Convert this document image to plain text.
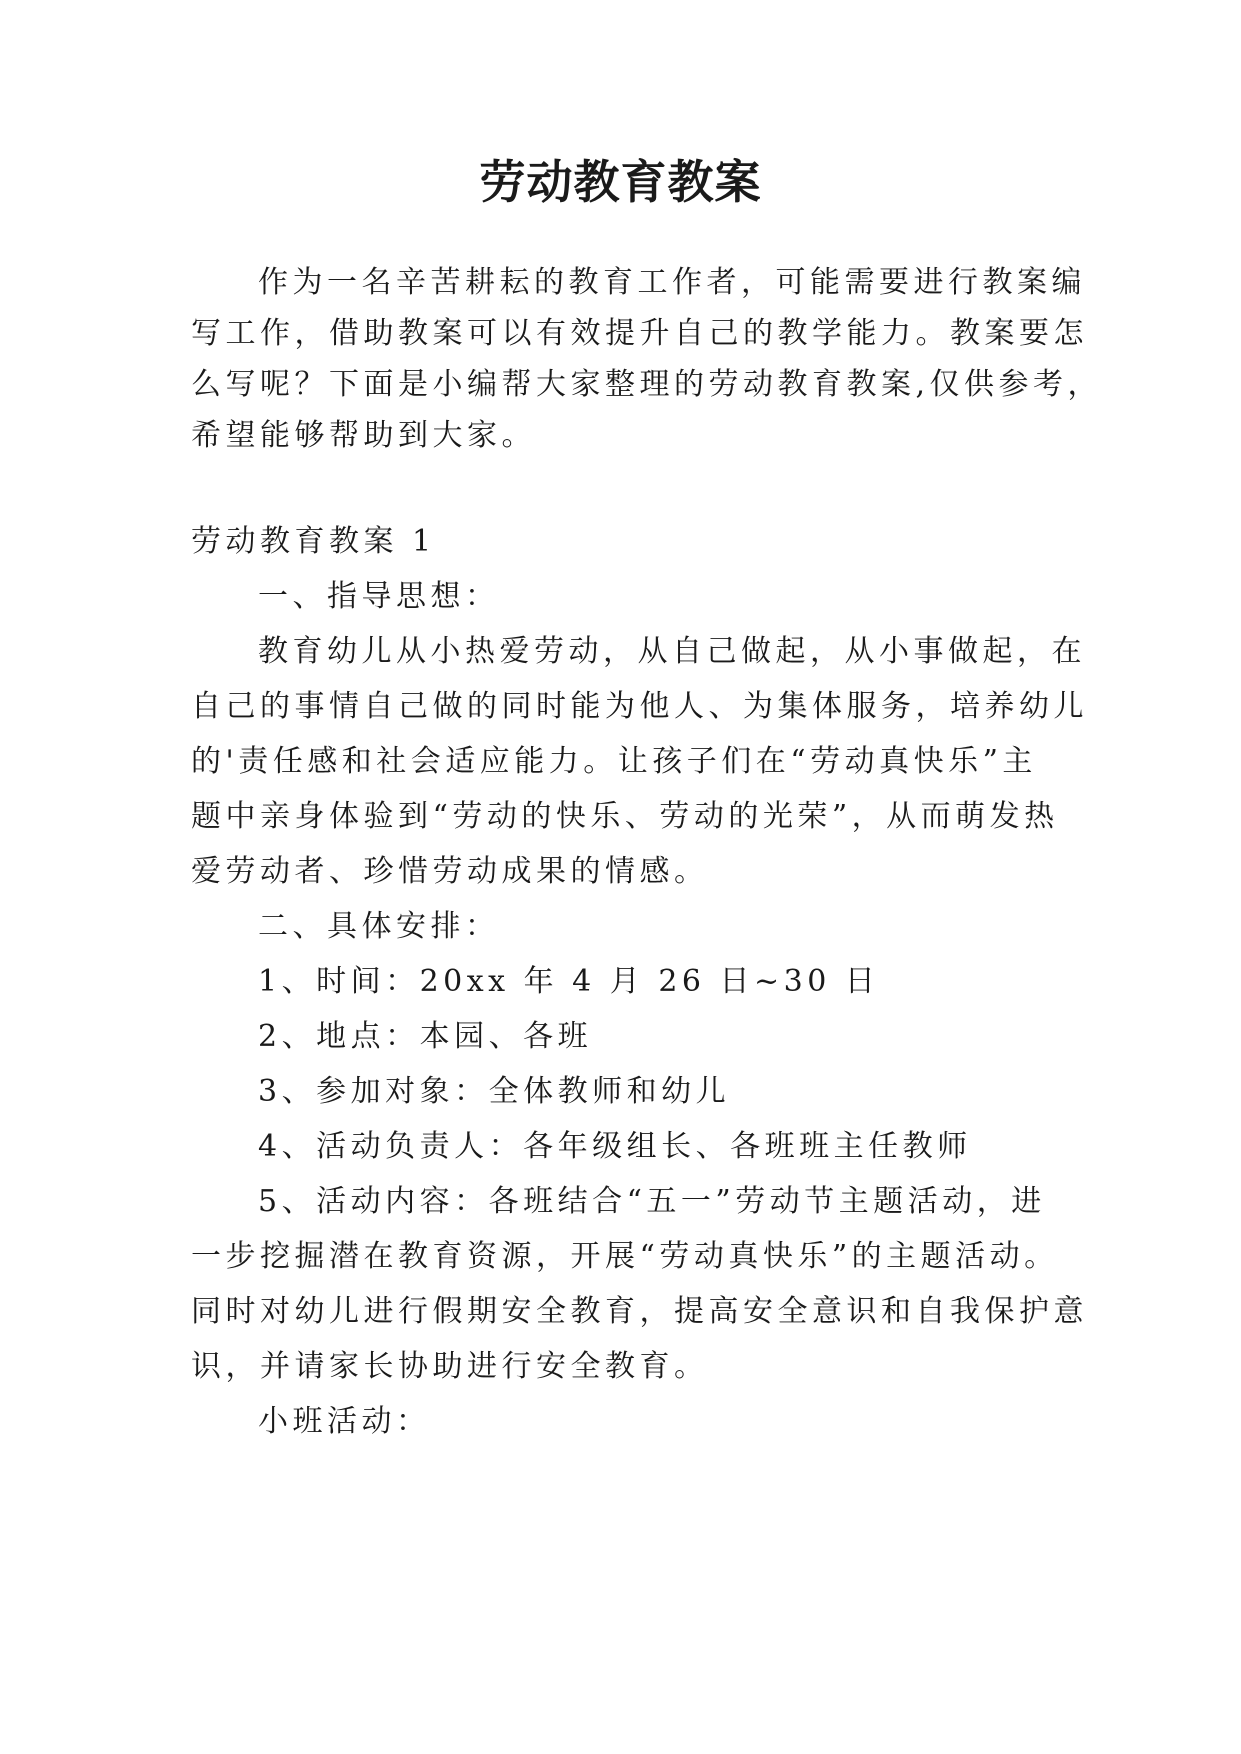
劳动教育教案

作为一名辛苦耕耘的教育工作者，可能需要进行教案编

写工作，借助教案可以有效提升自己的教学能力。教案要怎

么写呢？下面是小编帮大家整理的劳动教育教案,仅供参考，

希望能够帮助到大家。

劳动教育教案 1

一、指导思想：

教育幼儿从小热爱劳动，从自己做起，从小事做起，在

自己的事情自己做的同时能为他人、为集体服务，培养幼儿

的'责任感和社会适应能力。让孩子们在“劳动真快乐”主

题中亲身体验到“劳动的快乐、劳动的光荣”，从而萌发热

爱劳动者、珍惜劳动成果的情感。

二、具体安排：

1、时间：20xx 年 4 月 26 日~30 日

2、地点：本园、各班

3、参加对象：全体教师和幼儿

4、活动负责人：各年级组长、各班班主任教师

5、活动内容：各班结合“五一”劳动节主题活动，进

一步挖掘潜在教育资源，开展“劳动真快乐”的主题活动。

同时对幼儿进行假期安全教育，提高安全意识和自我保护意

识，并请家长协助进行安全教育。

小班活动：
